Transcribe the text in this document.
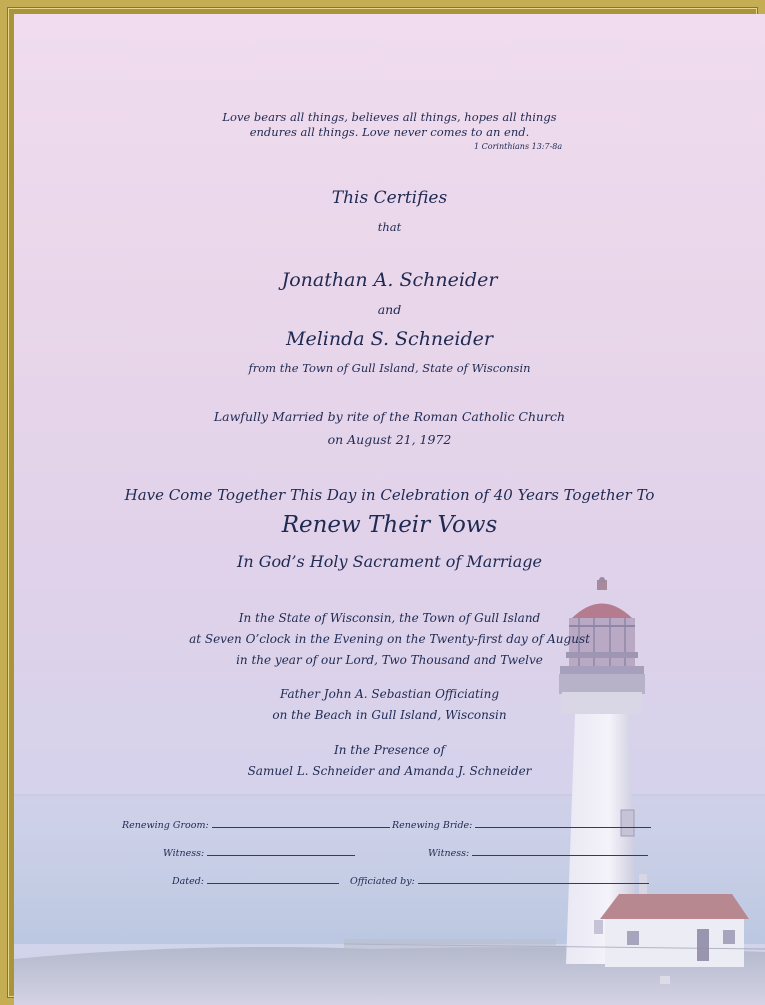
Love bears all things, believes all things, hopes all things
endures all things. Love never comes to an end.
1 Corinthians 13:7-8a
This Certifies
that
Jonathan A. Schneider
and
Melinda S. Schneider
from the Town of Gull Island, State of Wisconsin
Lawfully Married by rite of the Roman Catholic Church
on August 21, 1972
Have Come Together This Day in Celebration of 40 Years Together To
Renew Their Vows
In God’s Holy Sacrament of Marriage
In the State of Wisconsin, the Town of Gull Island
at Seven O’clock in the Evening on the Twenty-first day of August
in the year of our Lord, Two Thousand and Twelve
Father John A. Sebastian Officiating
on the Beach in Gull Island, Wisconsin
In the Presence of
Samuel L. Schneider and Amanda J. Schneider
Renewing Groom:	Renewing Bride:
Witness:	Witness:
Dated:	Officiated by:
